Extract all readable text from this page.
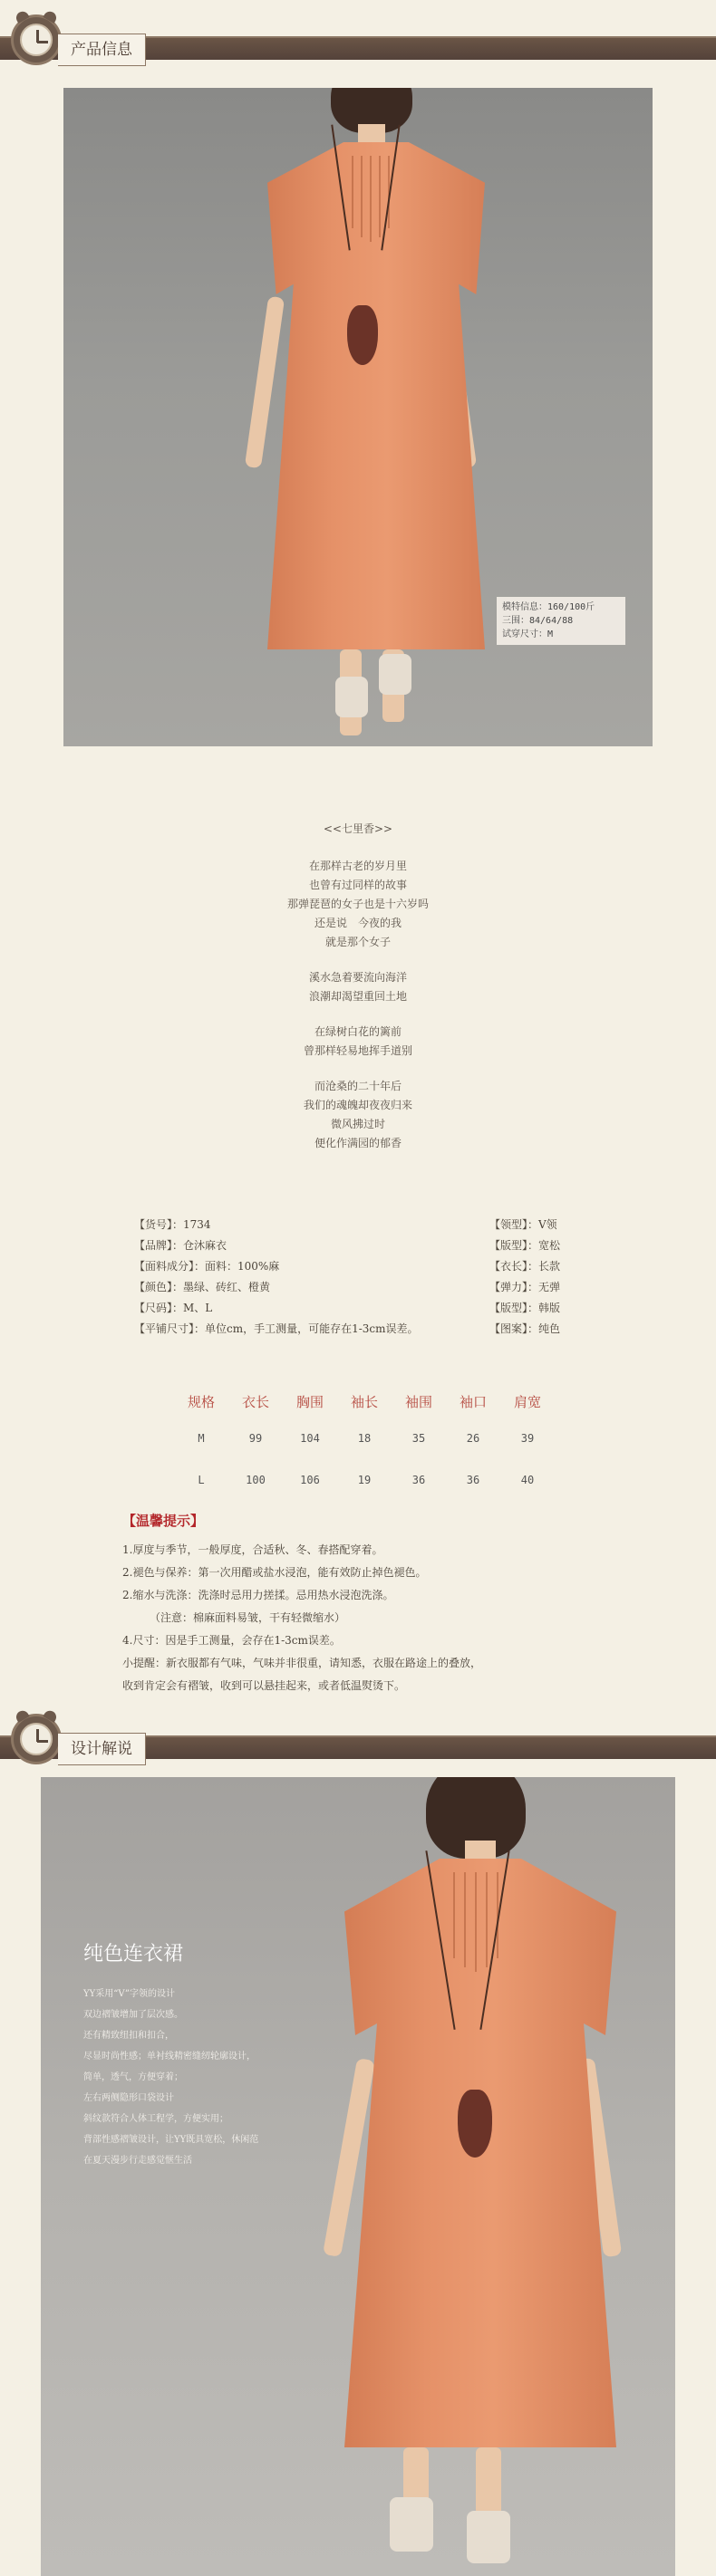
产品信息
模特信息：160/100斤
三围：84/64/88
试穿尺寸：M
<<七里香>>
在那样古老的岁月里
也曾有过同样的故事
那弹琵琶的女子也是十六岁吗
还是说　今夜的我
就是那个女子
溪水急着要流向海洋
浪潮却渴望重回土地
在绿树白花的篱前
曾那样轻易地挥手道别
而沧桑的二十年后
我们的魂魄却夜夜归来
微风拂过时
便化作满园的郁香
【货号】：1734	【领型】：V领
【品牌】：仓沐麻衣	【版型】：宽松
【面料成分】：面料：100%麻	【衣长】：长款
【颜色】：墨绿、砖红、橙黄	【弹力】：无弹
【尺码】：M、L	【版型】：韩版
【平铺尺寸】：单位cm，手工测量，可能存在1-3cm误差。	【图案】：纯色
规格	衣长	胸围	袖长	袖围	袖口	肩宽
M	99	104	18	35	26	39
L	100	106	19	36	36	40
【温馨提示】
1.厚度与季节，一般厚度，合适秋、冬、春搭配穿着。
2.褪色与保养：第一次用醋或盐水浸泡，能有效防止掉色褪色。
2.缩水与洗涤：洗涤时忌用力搓揉。忌用热水浸泡洗涤。
　　　（注意：棉麻面料易皱，干有轻微缩水）
4.尺寸：因是手工测量，会存在1-3cm误差。
小提醒：新衣服都有气味，气味并非很重，请知悉，衣服在路途上的叠放，
收到肯定会有褶皱，收到可以悬挂起来，或者低温熨烫下。
设计解说
纯色连衣裙
YY采用“V”字领的设计
双边褶皱增加了层次感。
还有精致纽扣和扣合，
尽显时尚性感；单衬线精密缝纫轮廓设计，
简单，透气，方便穿着；
左右两侧隐形口袋设计
斜纹款符合人体工程学，方便实用；
背部性感褶皱设计，让YY既具宽松，休闲范
在夏天漫步行走感觉惬生活
